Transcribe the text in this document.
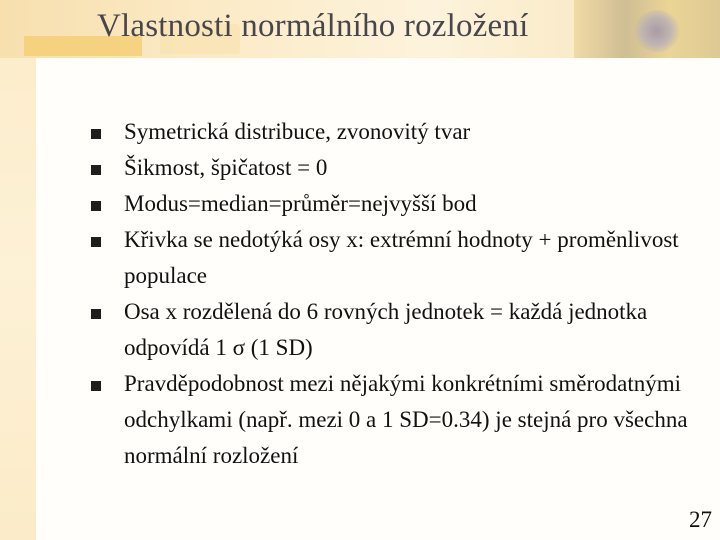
Vlastnosti normálního rozložení
Symetrická distribuce, zvonovitý tvar
Šikmost, špičatost = 0
Modus=median=průměr=nejvyšší bod
Křivka se nedotýká osy x: extrémní hodnoty + proměnlivost populace
Osa x rozdělená do 6 rovných jednotek = každá jednotka odpovídá 1 σ (1 SD)
Pravděpodobnost mezi nějakými konkrétními směrodatnými odchylkami (např. mezi 0 a 1 SD=0.34) je stejná pro všechna normální rozložení
27
